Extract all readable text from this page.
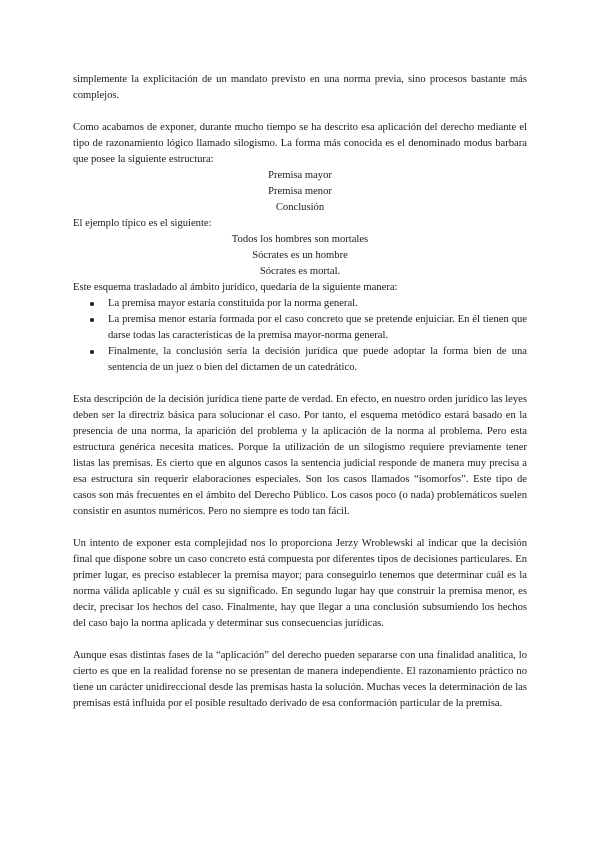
simplemente la explicitación de un mandato previsto en una norma previa, sino procesos bastante más complejos.

Como acabamos de exponer, durante mucho tiempo se ha descrito esa aplicación del derecho mediante el tipo de razonamiento lógico llamado silogismo. La forma más conocida es el denominado modus barbara que posee la siguiente estructura:

Premisa mayor
Premisa menor
Conclusión

El ejemplo típico es el siguiente:

Todos los hombres son mortales
Sócrates es un hombre
Sócrates es mortal.

Este esquema trasladado al ámbito jurídico, quedaría de la siguiente manera:

La premisa mayor estaría constituida por la norma general.
La premisa menor estaría formada por el caso concreto que se pretende enjuiciar. En él tienen que darse todas las características de la premisa mayor-norma general.
Finalmente, la conclusión sería la decisión jurídica que puede adoptar la forma bien de una sentencia de un juez o bien del dictamen de un catedrático.

Esta descripción de la decisión jurídica tiene parte de verdad. En efecto, en nuestro orden jurídico las leyes deben ser la directriz básica para solucionar el caso. Por tanto, el esquema metódico estará basado en la presencia de una norma, la aparición del problema y la aplicación de la norma al problema. Pero esta estructura genérica necesita matices. Porque la utilización de un silogismo requiere previamente tener listas las premisas. Es cierto que en algunos casos la sentencia judicial responde de manera muy precisa a esa estructura sin requerir elaboraciones especiales. Son los casos llamados “isomorfos”. Este tipo de casos son más frecuentes en el ámbito del Derecho Público. Los casos poco (o nada) problemáticos suelen consistir en asuntos numéricos. Pero no siempre es todo tan fácil.

Un intento de exponer esta complejidad nos lo proporciona Jerzy Wroblewski al indicar que la decisión final que dispone sobre un caso concreto está compuesta por diferentes tipos de decisiones particulares. En primer lugar, es preciso establecer la premisa mayor; para conseguirlo tenemos que determinar cuál es la norma válida aplicable y cuál es su significado. En segundo lugar hay que construir la premisa menor, es decir, precisar los hechos del caso. Finalmente, hay que llegar a una conclusión subsumiendo los hechos del caso bajo la norma aplicada y determinar sus consecuencias jurídicas.

Aunque esas distintas fases de la “aplicación” del derecho pueden separarse con una finalidad analítica, lo cierto es que en la realidad forense no se presentan de manera independiente. El razonamiento práctico no tiene un carácter unidireccional desde las premisas hasta la solución. Muchas veces la determinación de las premisas está influida por el posible resultado derivado de esa conformación particular de la premisa.
